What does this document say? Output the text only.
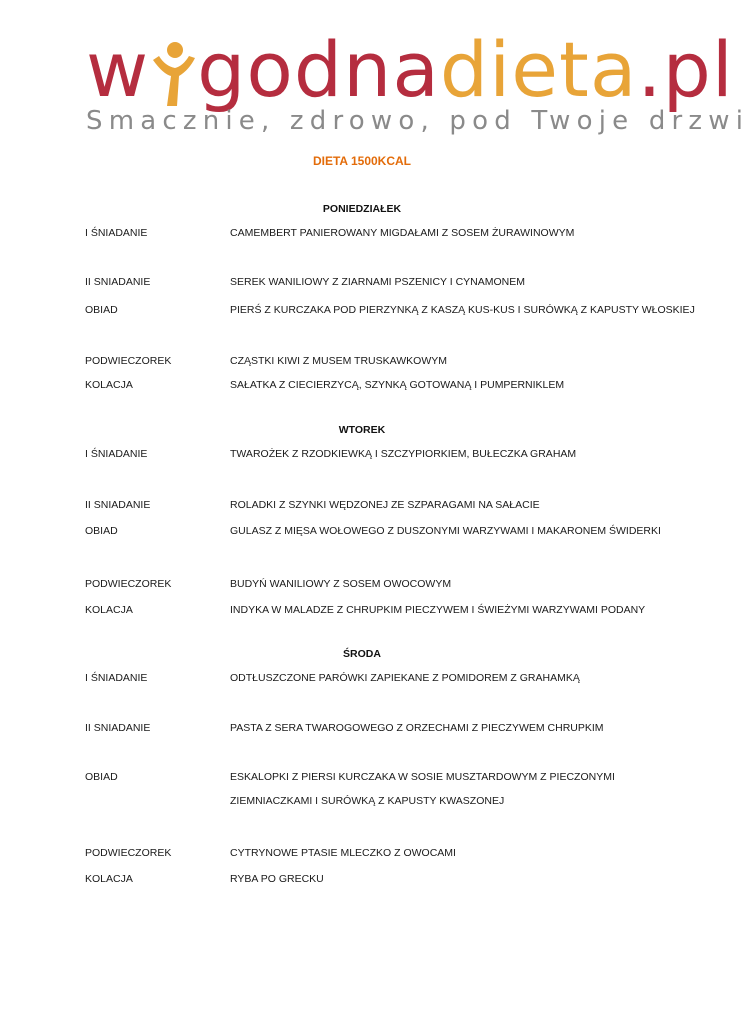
w godnadieta.pl
Smacznie, zdrowo, pod Twoje drzwi
DIETA 1500KCAL
PONIEDZIAŁEK
I ŚNIADANIE	CAMEMBERT PANIEROWANY MIGDAŁAMI Z SOSEM ŻURAWINOWYM
II SNIADANIE	SEREK WANILIOWY Z ZIARNAMI PSZENICY I CYNAMONEM
OBIAD	PIERŚ Z KURCZAKA POD PIERZYNKĄ Z KASZĄ KUS-KUS I SURÓWKĄ Z KAPUSTY WŁOSKIEJ
PODWIECZOREK	CZĄSTKI KIWI Z MUSEM TRUSKAWKOWYM
KOLACJA	SAŁATKA Z CIECIERZYCĄ, SZYNKĄ GOTOWANĄ I PUMPERNIKLEM
WTOREK
I ŚNIADANIE	TWAROŻEK Z RZODKIEWKĄ I SZCZYPIORKIEM, BUŁECZKA GRAHAM
II SNIADANIE	ROLADKI Z SZYNKI WĘDZONEJ ZE SZPARAGAMI NA SAŁACIE
OBIAD	GULASZ Z MIĘSA WOŁOWEGO Z DUSZONYMI WARZYWAMI I MAKARONEM ŚWIDERKI
PODWIECZOREK	BUDYŃ WANILIOWY Z SOSEM OWOCOWYM
KOLACJA	INDYKA W MALADZE Z CHRUPKIM PIECZYWEM I ŚWIEŻYMI WARZYWAMI PODANY
ŚRODA
I ŚNIADANIE	ODTŁUSZCZONE PARÓWKI ZAPIEKANE Z POMIDOREM Z GRAHAMKĄ
II SNIADANIE	PASTA Z SERA TWAROGOWEGO Z ORZECHAMI Z PIECZYWEM CHRUPKIM
OBIAD	ESKALOPKI Z PIERSI KURCZAKA W SOSIE MUSZTARDOWYM Z PIECZONYMI
ZIEMNIACZKAMI I SURÓWKĄ Z KAPUSTY KWASZONEJ
PODWIECZOREK	CYTRYNOWE PTASIE MLECZKO Z OWOCAMI
KOLACJA	RYBA PO GRECKU
